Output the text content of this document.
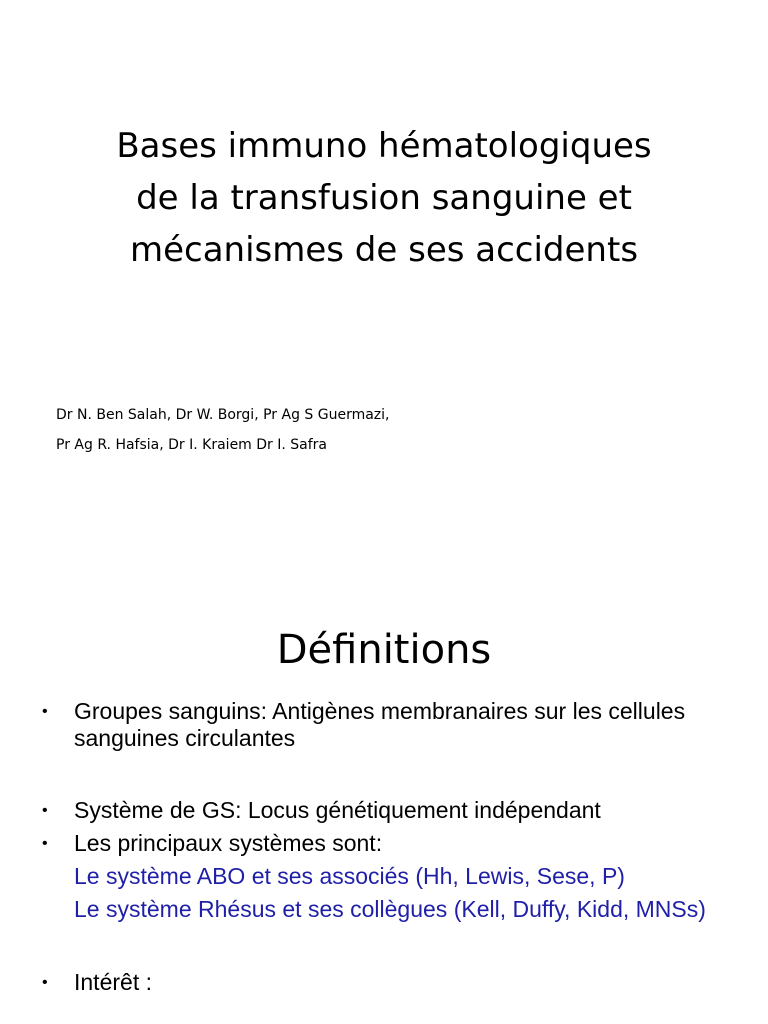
Bases immuno hématologiques
de la transfusion sanguine et
mécanismes de ses accidents
Dr N. Ben Salah, Dr W. Borgi, Pr Ag S Guermazi,
Pr Ag R. Hafsia, Dr I. Kraiem Dr I. Safra
Définitions
• Groupes sanguins: Antigènes membranaires sur les cellules sanguines circulantes
• Système de GS: Locus génétiquement indépendant
• Les principaux systèmes sont:
Le système ABO et ses associés (Hh, Lewis, Sese, P)
Le système Rhésus et ses collègues (Kell, Duffy, Kidd, MNSs)
• Intérêt :
